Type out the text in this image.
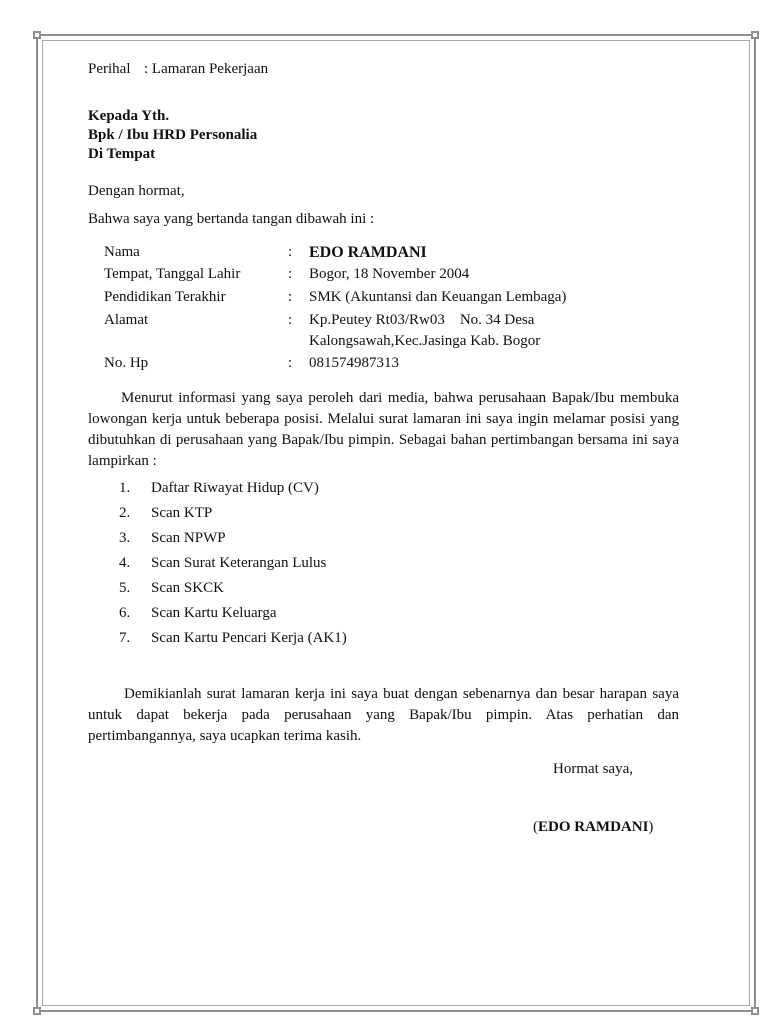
Perihal : Lamaran Pekerjaan
Kepada Yth.
Bpk / Ibu HRD Personalia
Di Tempat
Dengan hormat,
Bahwa saya yang bertanda tangan dibawah ini :
Nama	: EDO RAMDANI
Tempat, Tanggal Lahir	: Bogor, 18 November 2004
Pendidikan Terakhir	: SMK (Akuntansi dan Keuangan Lembaga)
Alamat	: Kp.Peutey Rt03/Rw03    No. 34 Desa
Kalongsawah,Kec.Jasinga Kab. Bogor
No. Hp	: 081574987313
Menurut informasi yang saya peroleh dari media, bahwa perusahaan Bapak/Ibu membuka lowongan kerja untuk beberapa posisi. Melalui surat lamaran ini saya ingin melamar posisi yang dibutuhkan di perusahaan yang Bapak/Ibu pimpin. Sebagai bahan pertimbangan bersama ini saya lampirkan :
1. Daftar Riwayat Hidup (CV)
2. Scan KTP
3. Scan NPWP
4. Scan Surat Keterangan Lulus
5. Scan SKCK
6. Scan Kartu Keluarga
7. Scan Kartu Pencari Kerja (AK1)
Demikianlah surat lamaran kerja ini saya buat dengan sebenarnya dan besar harapan saya untuk dapat bekerja pada perusahaan yang Bapak/Ibu pimpin. Atas perhatian dan pertimbangannya, saya ucapkan terima kasih.
Hormat saya,
(EDO RAMDANI)
